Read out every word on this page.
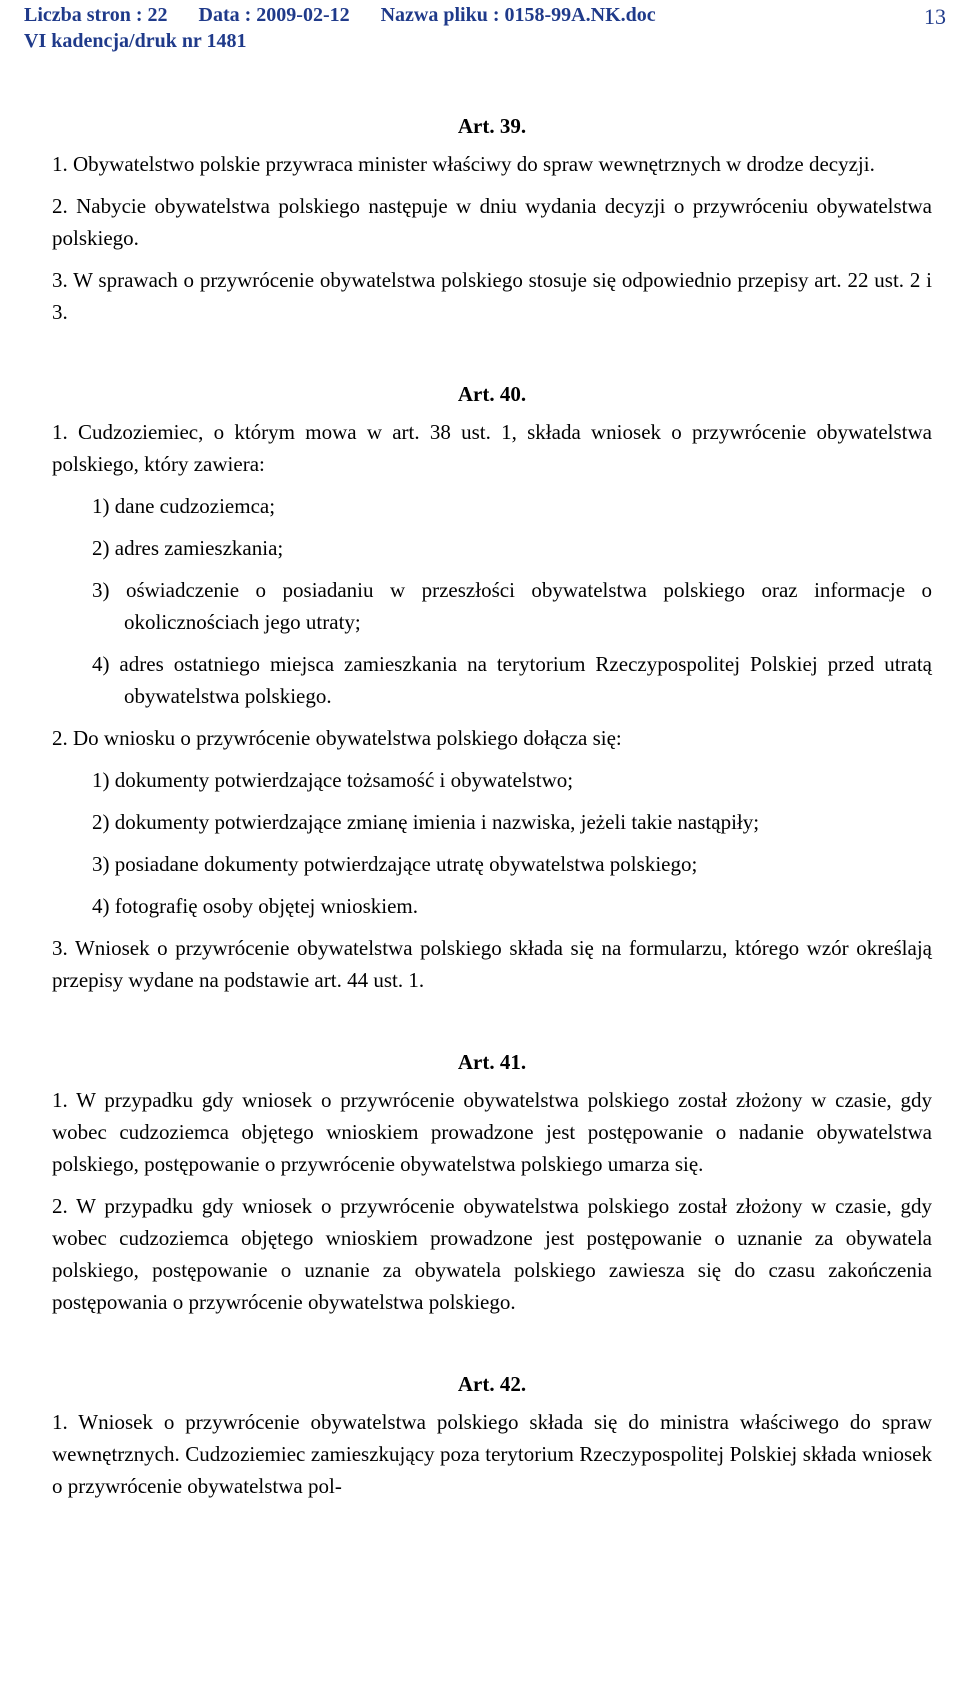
Liczba stron : 22 Data : 2009-02-12 Nazwa pliku : 0158-99A.NK.doc
VI kadencja/druk nr 1481
13
Art. 39.

1. Obywatelstwo polskie przywraca minister właściwy do spraw wewnętrznych w drodze decyzji.

2. Nabycie obywatelstwa polskiego następuje w dniu wydania decyzji o przywróceniu obywatelstwa polskiego.

3. W sprawach o przywrócenie obywatelstwa polskiego stosuje się odpowiednio przepisy art. 22 ust. 2 i 3.

Art. 40.

1. Cudzoziemiec, o którym mowa w art. 38 ust. 1, składa wniosek o przywrócenie obywatelstwa polskiego, który zawiera:

1) dane cudzoziemca;
2) adres zamieszkania;
3) oświadczenie o posiadaniu w przeszłości obywatelstwa polskiego oraz informacje o okolicznościach jego utraty;
4) adres ostatniego miejsca zamieszkania na terytorium Rzeczypospolitej Polskiej przed utratą obywatelstwa polskiego.

2. Do wniosku o przywrócenie obywatelstwa polskiego dołącza się:

1) dokumenty potwierdzające tożsamość i obywatelstwo;
2) dokumenty potwierdzające zmianę imienia i nazwiska, jeżeli takie nastąpiły;
3) posiadane dokumenty potwierdzające utratę obywatelstwa polskiego;
4) fotografię osoby objętej wnioskiem.

3. Wniosek o przywrócenie obywatelstwa polskiego składa się na formularzu, którego wzór określają przepisy wydane na podstawie art. 44 ust. 1.

Art. 41.

1. W przypadku gdy wniosek o przywrócenie obywatelstwa polskiego został złożony w czasie, gdy wobec cudzoziemca objętego wnioskiem prowadzone jest postępowanie o nadanie obywatelstwa polskiego, postępowanie o przywrócenie obywatelstwa polskiego umarza się.

2. W przypadku gdy wniosek o przywrócenie obywatelstwa polskiego został złożony w czasie, gdy wobec cudzoziemca objętego wnioskiem prowadzone jest postępowanie o uznanie za obywatela polskiego, postępowanie o uznanie za obywatela polskiego zawiesza się do czasu zakończenia postępowania o przywrócenie obywatelstwa polskiego.

Art. 42.

1. Wniosek o przywrócenie obywatelstwa polskiego składa się do ministra właściwego do spraw wewnętrznych. Cudzoziemiec zamieszkujący poza terytorium Rzeczypospolitej Polskiej składa wniosek o przywrócenie obywatelstwa pol-
